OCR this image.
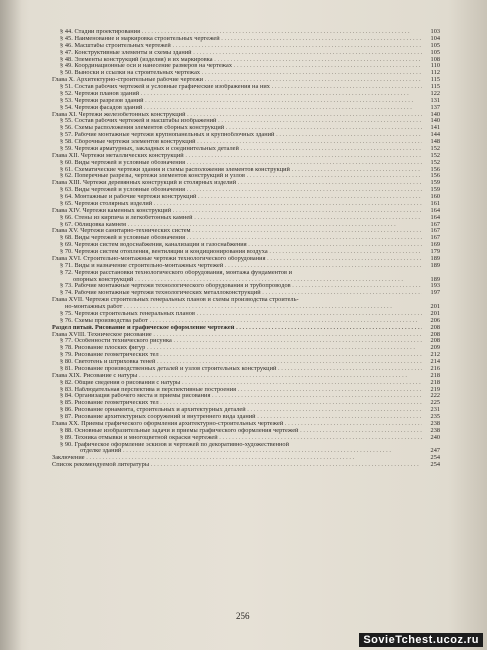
§ 44. Стадии проектирования . . .	103
§ 45. Наименование и маркировка строительных чертежей . . .	104
§ 46. Масштабы строительных чертежей . . .	105
§ 47. Конструктивные элементы и схемы зданий . . .	105
§ 48. Элементы конструкций (изделия) и их маркировка . . .	108
§ 49. Координационные оси и нанесение размеров на чертежах . . .	110
§ 50. Выноски и ссылки на строительных чертежах . . .	112
Глава X. Архитектурно-строительные рабочие чертежи . . .	115
§ 51. Состав рабочих чертежей и условные графические изображения на них . . .	115
§ 52. Чертежи планов зданий . . .	122
§ 53. Чертежи разрезов зданий . . .	131
§ 54. Чертежи фасадов зданий . . .	137
Глава XI. Чертежи железобетонных конструкций . . .	140
§ 55. Состав рабочих чертежей и масштабы изображений . . .	140
§ 56. Схемы расположения элементов сборных конструкций . . .	141
§ 57. Рабочие монтажные чертежи крупнопанельных и крупноблочных зданий . . .	144
§ 58. Сборочные чертежи элементов конструкций . . .	148
§ 59. Чертежи арматурных, закладных и соединительных деталей . . .	152
Глава XII. Чертежи металлических конструкций . . .	152
§ 60. Виды чертежей и условные обозначения . . .	152
§ 61. Схематические чертежи здания и схемы расположения элементов конструкций . . .	156
§ 62. Поперечные разрезы, чертежи элементов конструкций и узлов . . .	156
Глава XIII. Чертежи деревянных конструкций и столярных изделий . . .	159
§ 63. Виды чертежей и условные обозначения . . .	159
§ 64. Монтажные и рабочие чертежи конструкций . . .	160
§ 65. Чертежи столярных изделий . . .	161
Глава XIV. Чертежи каменных конструкций . . .	164
§ 66. Стены из кирпича и легкобетонных камней . . .	164
§ 67. Облицовка камнем . . .	167
Глава XV. Чертежи санитарно-технических систем . . .	167
§ 68. Виды чертежей и условные обозначения . . .	167
§ 69. Чертежи систем водоснабжения, канализации и газоснабжения . . .	169
§ 70. Чертежи систем отопления, вентиляции и кондиционирования воздуха . . .	179
Глава XVI. Строительно-монтажные чертежи технологического оборудования . . .	189
§ 71. Виды и назначение строительно-монтажных чертежей . . .	189
§ 72. Чертежи расстановки технологического оборудования, монтажа фундаментов и
опорных конструкций . . .	189
§ 73. Рабочие монтажные чертежи технологического оборудования и трубопроводов . . .	193
§ 74. Рабочие монтажные чертежи технологических металлоконструкций . . .	197
Глава XVII. Чертежи строительных генеральных планов и схемы производства строитель-
но-монтажных работ . . .	201
§ 75. Чертежи строительных генеральных планов . . .	201
§ 76. Схемы производства работ . . .	206
Раздел пятый. Рисование и графическое оформление чертежей . . .	208
Глава XVIII. Техническое рисование . . .	208
§ 77. Особенности технического рисунка . . .	208
§ 78. Рисование плоских фигур . . .	209
§ 79. Рисование геометрических тел . . .	212
§ 80. Светотень и штриховка теней . . .	214
§ 81. Рисование производственных деталей и узлов строительных конструкций . . .	216
Глава XIX. Рисование с натуры . . .	218
§ 82. Общие сведения о рисовании с натуры . . .	218
§ 83. Наблюдательная перспектива и перспективные построения . . .	219
§ 84. Организация рабочего места и приемы рисования . . .	222
§ 85. Рисование геометрических тел . . .	225
§ 86. Рисование орнамента, строительных и архитектурных деталей . . .	231
§ 87. Рисование архитектурных сооружений и внутреннего вида зданий . . .	235
Глава XX. Приемы графического оформления архитектурно-строительных чертежей . . .	238
§ 88. Основные изобразительные задачи и приемы графического оформления чертежей . . .	238
§ 89. Техника отмывки и многоцветной окраски чертежей . . .	240
§ 90. Графическое оформление эскизов и чертежей по декоративно-художественной
отделке зданий . . .	247
Заключение . . .	254
Список рекомендуемой литературы . . .	254
256
SovieTchest.ucoz.ru
